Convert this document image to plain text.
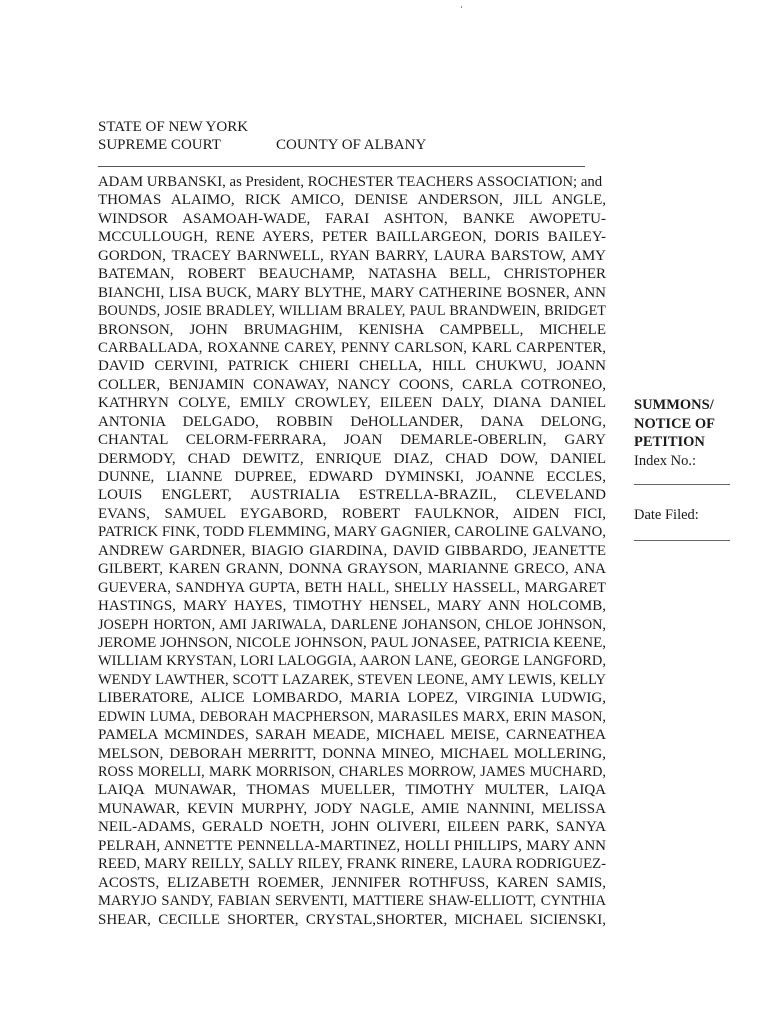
STATE OF NEW YORK
SUPREME COURT	COUNTY OF ALBANY
ADAM URBANSKI, as President, ROCHESTER TEACHERS ASSOCIATION; and
THOMAS ALAIMO, RICK AMICO, DENISE ANDERSON, JILL ANGLE,
WINDSOR ASAMOAH-WADE, FARAI ASHTON, BANKE AWOPETU-
MCCULLOUGH, RENE AYERS, PETER BAILLARGEON, DORIS BAILEY-
GORDON, TRACEY BARNWELL, RYAN BARRY, LAURA BARSTOW, AMY
BATEMAN, ROBERT BEAUCHAMP, NATASHA BELL, CHRISTOPHER
BIANCHI, LISA BUCK, MARY BLYTHE, MARY CATHERINE BOSNER, ANN
BOUNDS, JOSIE BRADLEY, WILLIAM BRALEY, PAUL BRANDWEIN, BRIDGET
BRONSON, JOHN BRUMAGHIM, KENISHA CAMPBELL, MICHELE
CARBALLADA, ROXANNE CAREY, PENNY CARLSON, KARL CARPENTER,
DAVID CERVINI, PATRICK CHIERI CHELLA, HILL CHUKWU, JOANN
COLLER, BENJAMIN CONAWAY, NANCY COONS, CARLA COTRONEO,
KATHRYN COLYE, EMILY CROWLEY, EILEEN DALY, DIANA DANIEL
ANTONIA DELGADO, ROBBIN DeHOLLANDER, DANA DELONG,
CHANTAL CELORM-FERRARA, JOAN DEMARLE-OBERLIN, GARY
DERMODY, CHAD DEWITZ, ENRIQUE DIAZ, CHAD DOW, DANIEL
DUNNE, LIANNE DUPREE, EDWARD DYMINSKI, JOANNE ECCLES,
LOUIS ENGLERT, AUSTRIALIA ESTRELLA-BRAZIL, CLEVELAND
EVANS, SAMUEL EYGABORD, ROBERT FAULKNOR, AIDEN FICI,
PATRICK FINK, TODD FLEMMING, MARY GAGNIER, CAROLINE GALVANO,
ANDREW GARDNER, BIAGIO GIARDINA, DAVID GIBBARDO, JEANETTE
GILBERT, KAREN GRANN, DONNA GRAYSON, MARIANNE GRECO, ANA
GUEVERA, SANDHYA GUPTA, BETH HALL, SHELLY HASSELL, MARGARET
HASTINGS, MARY HAYES, TIMOTHY HENSEL, MARY ANN HOLCOMB,
JOSEPH HORTON, AMI JARIWALA, DARLENE JOHANSON, CHLOE JOHNSON,
JEROME JOHNSON, NICOLE JOHNSON, PAUL JONASEE, PATRICIA KEENE,
WILLIAM KRYSTAN, LORI LALOGGIA, AARON LANE, GEORGE LANGFORD,
WENDY LAWTHER, SCOTT LAZAREK, STEVEN LEONE, AMY LEWIS, KELLY
LIBERATORE, ALICE LOMBARDO, MARIA LOPEZ, VIRGINIA LUDWIG,
EDWIN LUMA, DEBORAH MACPHERSON, MARASILES MARX, ERIN MASON,
PAMELA MCMINDES, SARAH MEADE, MICHAEL MEISE, CARNEATHEA
MELSON, DEBORAH MERRITT, DONNA MINEO, MICHAEL MOLLERING,
ROSS MORELLI, MARK MORRISON, CHARLES MORROW, JAMES MUCHARD,
LAIQA MUNAWAR, THOMAS MUELLER, TIMOTHY MULTER, LAIQA
MUNAWAR, KEVIN MURPHY, JODY NAGLE, AMIE NANNINI, MELISSA
NEIL-ADAMS, GERALD NOETH, JOHN OLIVERI, EILEEN PARK, SANYA
PELRAH, ANNETTE PENNELLA-MARTINEZ, HOLLI PHILLIPS, MARY ANN
REED, MARY REILLY, SALLY RILEY, FRANK RINERE, LAURA RODRIGUEZ-
ACOSTS, ELIZABETH ROEMER, JENNIFER ROTHFUSS, KAREN SAMIS,
MARYJO SANDY, FABIAN SERVENTI, MATTIERE SHAW-ELLIOTT, CYNTHIA
SHEAR, CECILLE SHORTER, CRYSTAL,SHORTER, MICHAEL SICIENSKI,
SUMMONS/
NOTICE OF
PETITION
Index No.:
Date Filed:
